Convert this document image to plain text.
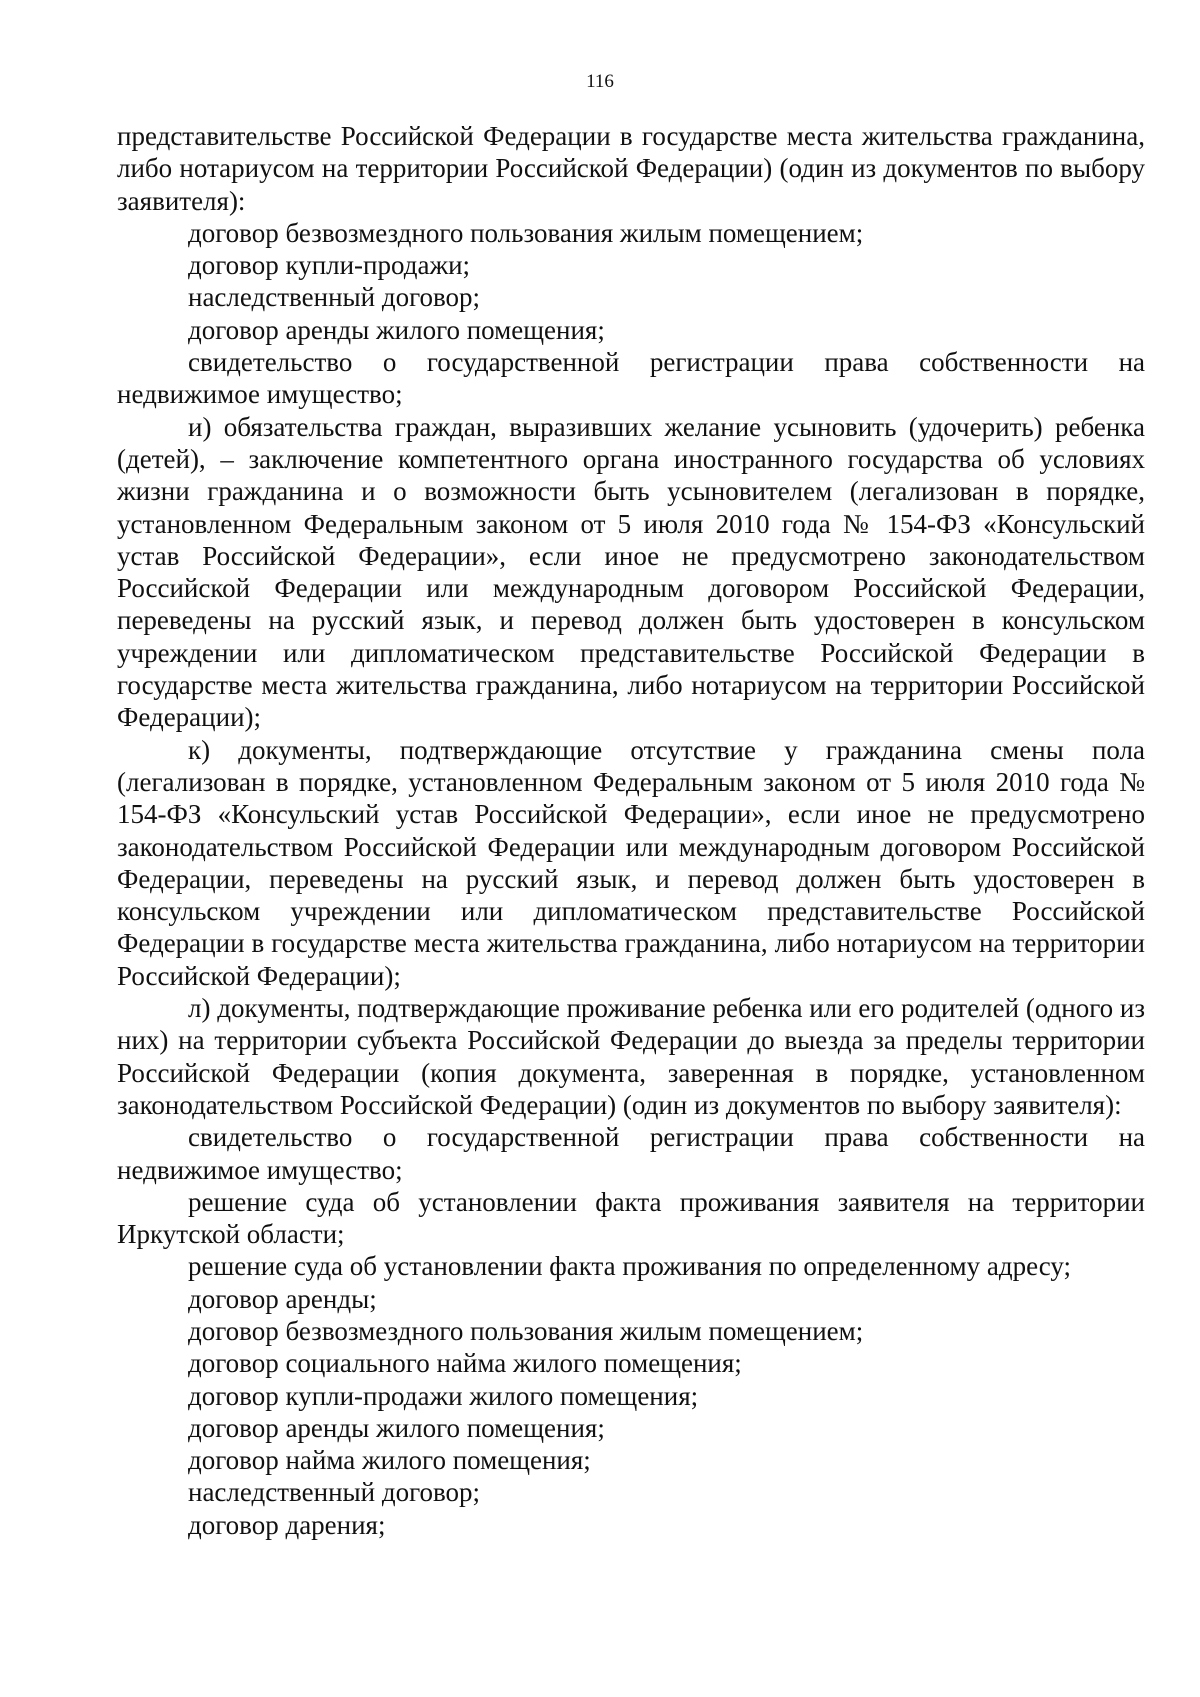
116

представительстве Российской Федерации в государстве места жительства гражданина, либо нотариусом на территории Российской Федерации) (один из документов по выбору заявителя):

договор безвозмездного пользования жилым помещением;

договор купли-продажи;

наследственный договор;

договор аренды жилого помещения;

свидетельство о государственной регистрации права собственности на недвижимое имущество;

и) обязательства граждан, выразивших желание усыновить (удочерить) ребенка (детей), – заключение компетентного органа иностранного государства об условиях жизни гражданина и о возможности быть усыновителем (легализован в порядке, установленном Федеральным законом от 5 июля 2010 года № 154-ФЗ «Консульский устав Российской Федерации», если иное не предусмотрено законодательством Российской Федерации или международным договором Российской Федерации, переведены на русский язык, и перевод должен быть удостоверен в консульском учреждении или дипломатическом представительстве Российской Федерации в государстве места жительства гражданина, либо нотариусом на территории Российской Федерации);

к) документы, подтверждающие отсутствие у гражданина смены пола (легализован в порядке, установленном Федеральным законом от 5 июля 2010 года № 154-ФЗ «Консульский устав Российской Федерации», если иное не предусмотрено законодательством Российской Федерации или международным договором Российской Федерации, переведены на русский язык, и перевод должен быть удостоверен в консульском учреждении или дипломатическом представительстве Российской Федерации в государстве места жительства гражданина, либо нотариусом на территории Российской Федерации);

л) документы, подтверждающие проживание ребенка или его родителей (одного из них) на территории субъекта Российской Федерации до выезда за пределы территории Российской Федерации (копия документа, заверенная в порядке, установленном законодательством Российской Федерации) (один из документов по выбору заявителя):

свидетельство о государственной регистрации права собственности на недвижимое имущество;

решение суда об установлении факта проживания заявителя на территории Иркутской области;

решение суда об установлении факта проживания по определенному адресу;

договор аренды;

договор безвозмездного пользования жилым помещением;

договор социального найма жилого помещения;

договор купли-продажи жилого помещения;

договор аренды жилого помещения;

договор найма жилого помещения;

наследственный договор;

договор дарения;
